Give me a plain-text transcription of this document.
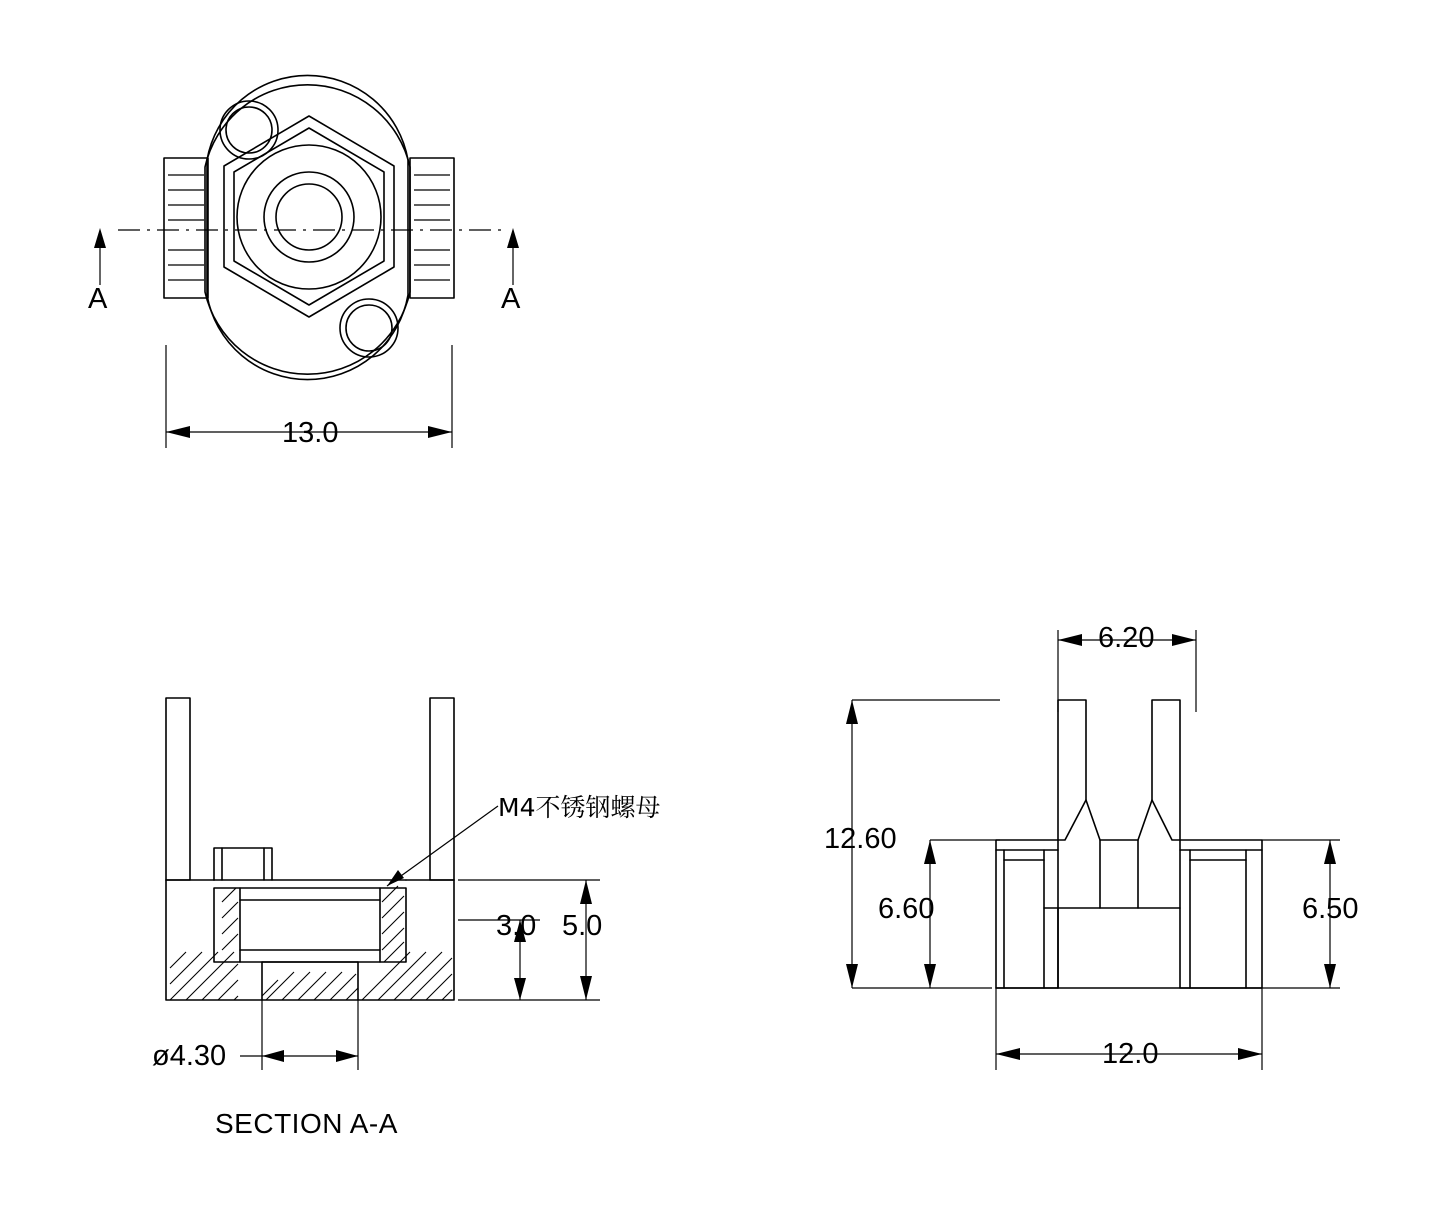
A	A
13.0
M4不锈钢螺母
5.0
3.0
ø4.30
SECTION A-A
6.20
12.60
6.60	6.50
12.0
